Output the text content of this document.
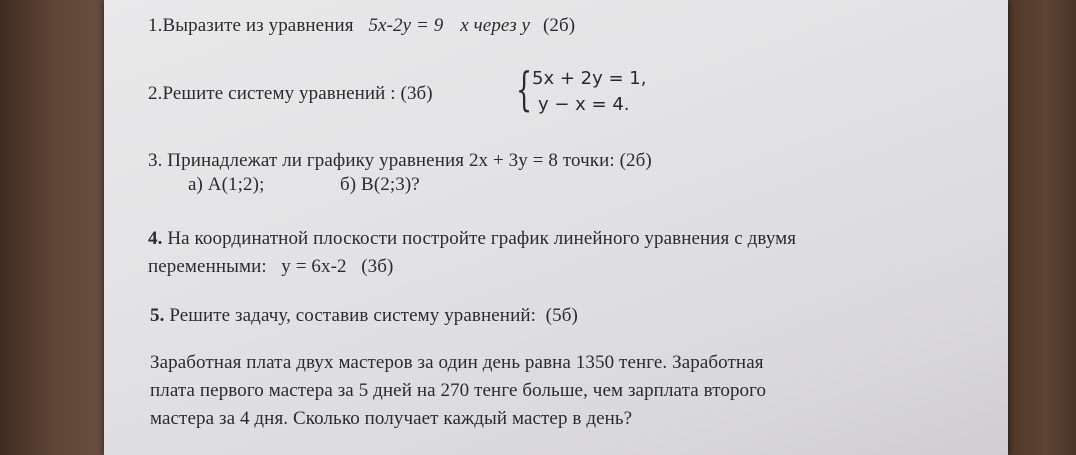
1.Выразите из уравнения 5x-2y = 9 x через y (2б)
2.Решите систему уравнений : (3б) { 5x + 2y = 1,
y − x = 4.
3. Принадлежат ли графику уравнения 2x + 3y = 8 точки: (2б)
а) A(1;2);	б) B(2;3)?
4. На координатной плоскости постройте график линейного уравнения с двумя
переменными:   y = 6x-2   (3б)
5. Решите задачу, составив систему уравнений:  (5б)
Заработная плата двух мастеров за один день равна 1350 тенге. Заработная
плата первого мастера за 5 дней на 270 тенге больше, чем зарплата второго
мастера за 4 дня. Сколько получает каждый мастер в день?
